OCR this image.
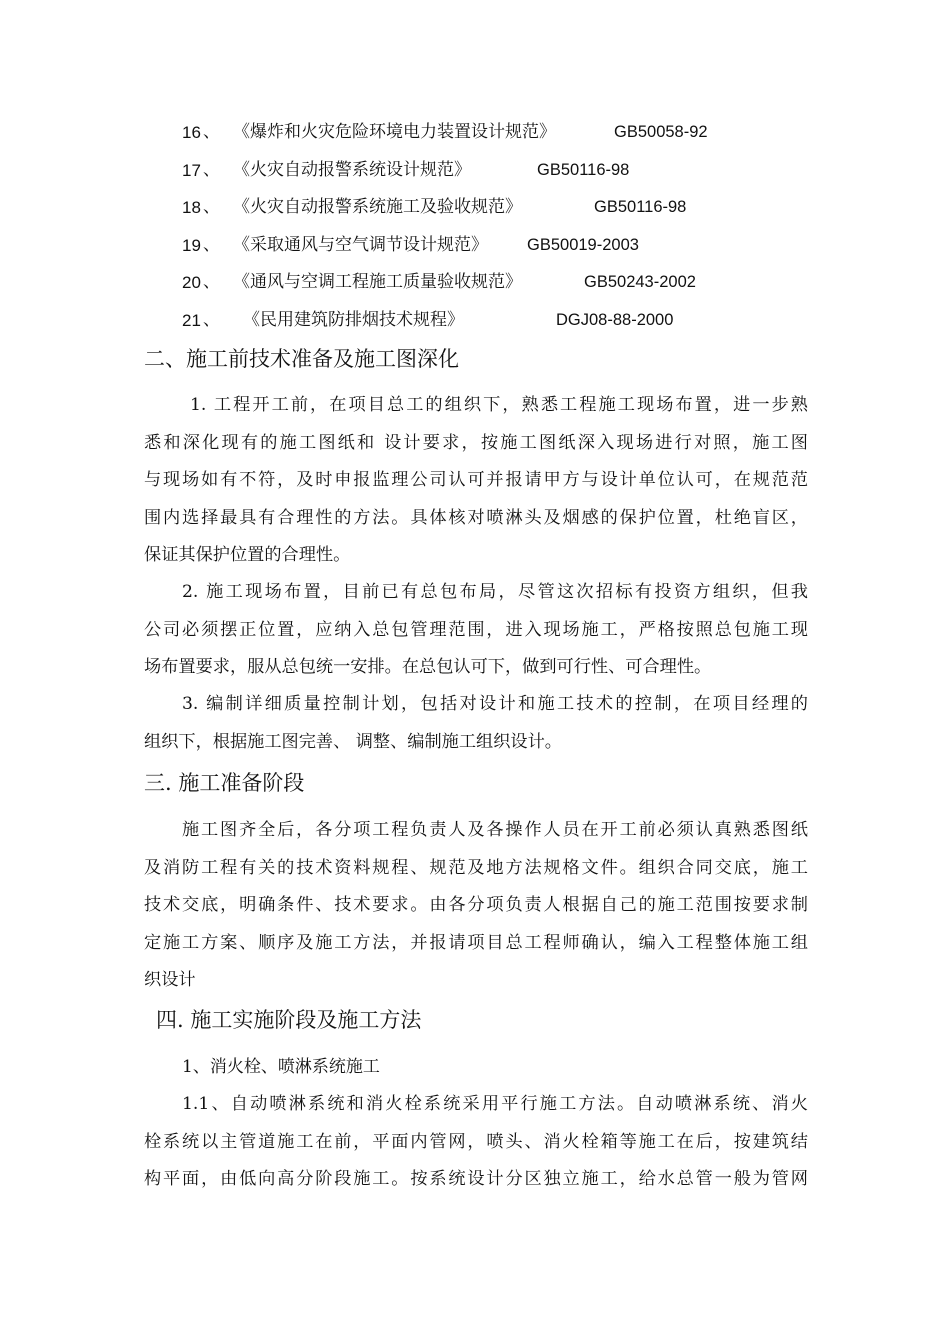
16 、 《爆炸和火灾危险环境电力装置设计规范》	GB50058-92
17 、 《火灾自动报警系统设计规范》	GB50116-98
18 、 《火灾自动报警系统施工及验收规范》	GB50116-98
19 、 《采取通风与空气调节设计规范》 GB50019-2003
20 、 《通风与空调工程施工质量验收规范》	GB50243-2002
21 、 《民用建筑防排烟技术规程》	DGJ08-88-2000
二、施工前技术准备及施工图深化
1. 工程开工前，在项目总工的组织下，熟悉工程施工现场布置，进一步熟
悉和深化现有的施工图纸和 设计要求，按施工图纸深入现场进行对照，施工图
与现场如有不符，及时申报监理公司认可并报请甲方与设计单位认可，在规范范
围内选择最具有合理性的方法。具体核对喷淋头及烟感的保护位置，杜绝盲区，
保证其保护位置的合理性。
2. 施工现场布置，目前已有总包布局，尽管这次招标有投资方组织，但我
公司必须摆正位置，应纳入总包管理范围，进入现场施工，严格按照总包施工现
场布置要求，服从总包统一安排。在总包认可下，做到可行性、可合理性。
3. 编制详细质量控制计划，包括对设计和施工技术的控制，在项目经理的
组织下，根据施工图完善、 调整、编制施工组织设计。
三. 施工准备阶段
施工图齐全后，各分项工程负责人及各操作人员在开工前必须认真熟悉图纸
及消防工程有关的技术资料规程、规范及地方法规格文件。组织合同交底，施工
技术交底，明确条件、技术要求。由各分项负责人根据自己的施工范围按要求制
定施工方案、顺序及施工方法，并报请项目总工程师确认，编入工程整体施工组
织设计
四. 施工实施阶段及施工方法
1、消火栓、喷淋系统施工
1.1、自动喷淋系统和消火栓系统采用平行施工方法。自动喷淋系统、消火
栓系统以主管道施工在前，平面内管网，喷头、消火栓箱等施工在后，按建筑结
构平面，由低向高分阶段施工。按系统设计分区独立施工，给水总管一般为管网
